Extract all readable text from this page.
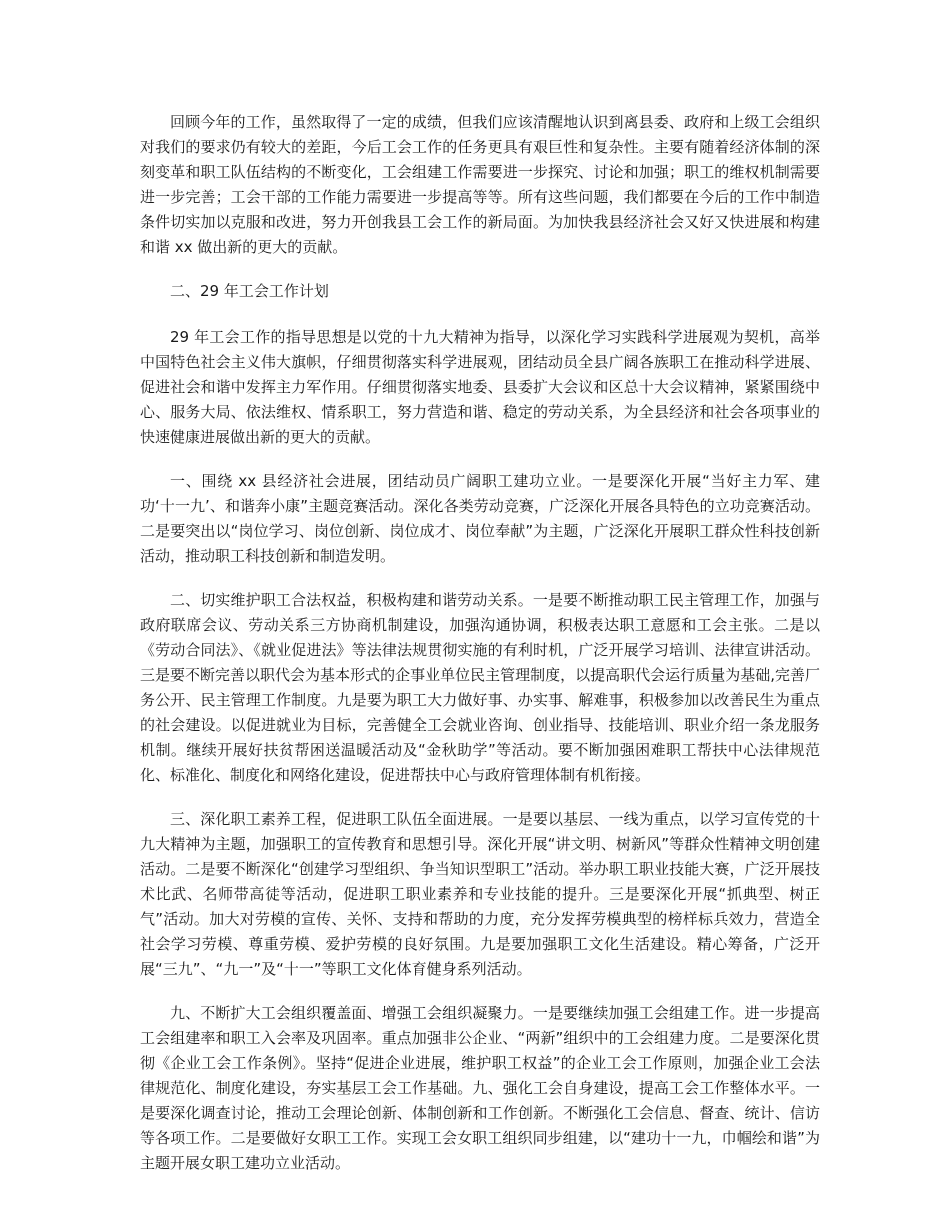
回顾今年的工作，虽然取得了一定的成绩，但我们应该清醒地认识到离县委、政府和上级工会组织对我们的要求仍有较大的差距，今后工会工作的任务更具有艰巨性和复杂性。主要有随着经济体制的深刻变革和职工队伍结构的不断变化，工会组建工作需要进一步探究、讨论和加强；职工的维权机制需要进一步完善；工会干部的工作能力需要进一步提高等等。所有这些问题，我们都要在今后的工作中制造条件切实加以克服和改进，努力开创我县工会工作的新局面。为加快我县经济社会又好又快进展和构建和谐 xx 做出新的更大的贡献。

二、29 年工会工作计划

29 年工会工作的指导思想是以党的十九大精神为指导，以深化学习实践科学进展观为契机，高举中国特色社会主义伟大旗帜，仔细贯彻落实科学进展观，团结动员全县广阔各族职工在推动科学进展、促进社会和谐中发挥主力军作用。仔细贯彻落实地委、县委扩大会议和区总十大会议精神，紧紧围绕中心、服务大局、依法维权、情系职工，努力营造和谐、稳定的劳动关系，为全县经济和社会各项事业的快速健康进展做出新的更大的贡献。

一、围绕 xx 县经济社会进展，团结动员广阔职工建功立业。一是要深化开展“当好主力军、建功‘十一九’、和谐奔小康”主题竞赛活动。深化各类劳动竞赛，广泛深化开展各具特色的立功竞赛活动。二是要突出以“岗位学习、岗位创新、岗位成才、岗位奉献”为主题，广泛深化开展职工群众性科技创新活动，推动职工科技创新和制造发明。

二、切实维护职工合法权益，积极构建和谐劳动关系。一是要不断推动职工民主管理工作，加强与政府联席会议、劳动关系三方协商机制建设，加强沟通协调，积极表达职工意愿和工会主张。二是以《劳动合同法》、《就业促进法》等法律法规贯彻实施的有利时机，广泛开展学习培训、法律宣讲活动。三是要不断完善以职代会为基本形式的企事业单位民主管理制度，以提高职代会运行质量为基础,完善厂务公开、民主管理工作制度。九是要为职工大力做好事、办实事、解难事，积极参加以改善民生为重点的社会建设。以促进就业为目标，完善健全工会就业咨询、创业指导、技能培训、职业介绍一条龙服务机制。继续开展好扶贫帮困送温暖活动及“金秋助学”等活动。要不断加强困难职工帮扶中心法律规范化、标准化、制度化和网络化建设，促进帮扶中心与政府管理体制有机衔接。

三、深化职工素养工程，促进职工队伍全面进展。一是要以基层、一线为重点，以学习宣传党的十九大精神为主题，加强职工的宣传教育和思想引导。深化开展“讲文明、树新风”等群众性精神文明创建活动。二是要不断深化“创建学习型组织、争当知识型职工”活动。举办职工职业技能大赛，广泛开展技术比武、名师带高徒等活动，促进职工职业素养和专业技能的提升。三是要深化开展“抓典型、树正气”活动。加大对劳模的宣传、关怀、支持和帮助的力度，充分发挥劳模典型的榜样标兵效力，营造全社会学习劳模、尊重劳模、爱护劳模的良好氛围。九是要加强职工文化生活建设。精心筹备，广泛开展“三九”、“九一”及“十一”等职工文化体育健身系列活动。

九、不断扩大工会组织覆盖面、增强工会组织凝聚力。一是要继续加强工会组建工作。进一步提高工会组建率和职工入会率及巩固率。重点加强非公企业、“两新”组织中的工会组建力度。二是要深化贯彻《企业工会工作条例》。坚持“促进企业进展，维护职工权益”的企业工会工作原则，加强企业工会法律规范化、制度化建设，夯实基层工会工作基础。九、强化工会自身建设，提高工会工作整体水平。一是要深化调查讨论，推动工会理论创新、体制创新和工作创新。不断强化工会信息、督查、统计、信访等各项工作。二是要做好女职工工作。实现工会女职工组织同步组建，以“建功十一九，巾帼绘和谐”为主题开展女职工建功立业活动。
